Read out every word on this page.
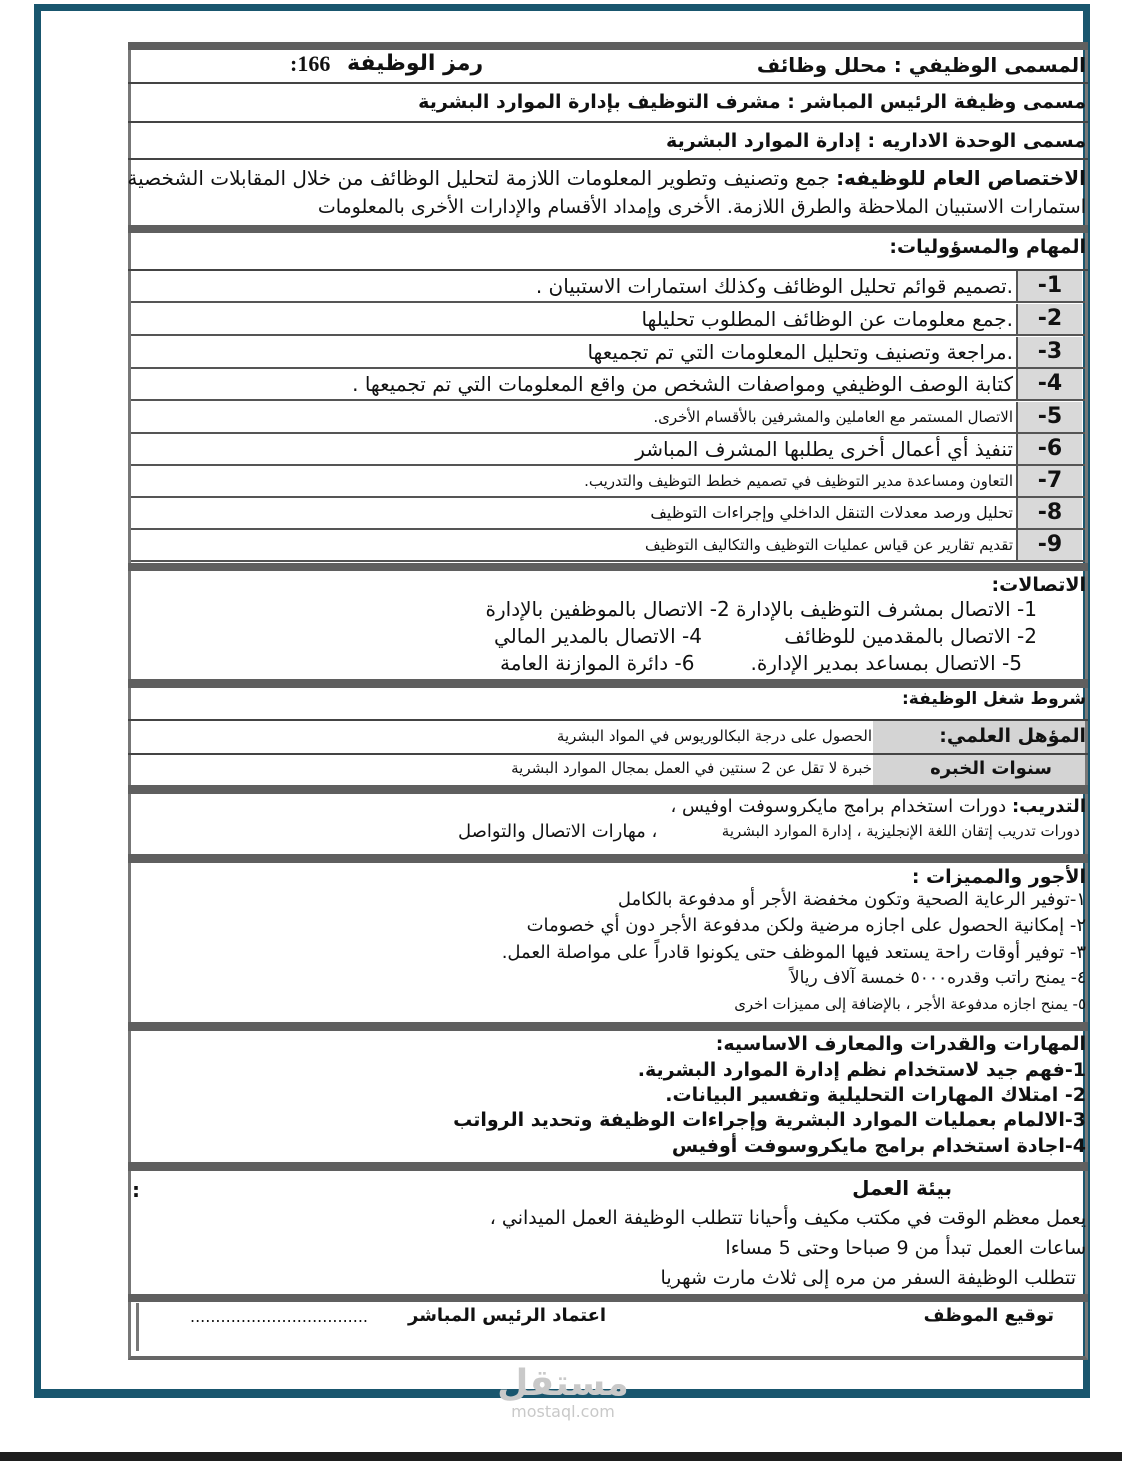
المسمى الوظيفي : محلل وظائف
رمز الوظيفة
:166
مسمى وظيفة الرئيس المباشر : مشرف التوظيف بإدارة الموارد البشرية
مسمى الوحدة الاداريه : إدارة الموارد البشرية
الاختصاص العام للوظيفه: جمع وتصنيف وتطوير المعلومات اللازمة لتحليل الوظائف من خلال المقابلات الشخصية
استمارات الاستبيان الملاحظة والطرق اللازمة. الأخرى وإمداد الأقسام والإدارات الأخرى بالمعلومات
المهام والمسؤوليات:
-1
.تصميم قوائم تحليل الوظائف وكذلك استمارات الاستبيان .
-2
.جمع معلومات عن الوظائف المطلوب تحليلها
-3
.مراجعة وتصنيف وتحليل المعلومات التي تم تجميعها
-4
كتابة الوصف الوظيفي ومواصفات الشخص من واقع المعلومات التي تم تجميعها .
-5
الاتصال المستمر مع العاملين والمشرفين بالأقسام الأخرى.
-6
تنفيذ أي أعمال أخرى يطلبها المشرف المباشر
-7
التعاون ومساعدة مدير التوظيف في تصميم خطط التوظيف والتدريب.
-8
تحليل ورصد معدلات التنقل الداخلي وإجراءات التوظيف
-9
تقديم تقارير عن قياس عمليات التوظيف والتكاليف التوظيف
الاتصالات:
1- الاتصال بمشرف التوظيف بالإدارة 2- الاتصال بالموظفين بالإدارة
2- الاتصال بالمقدمين للوظائف
4- الاتصال بالمدير المالي
5- الاتصال بمساعد بمدير الإدارة.
6- دائرة الموازنة العامة
شروط شغل الوظيفة:
المؤهل العلمي:
الحصول على درجة البكالوريوس في المواد البشرية
سنوات الخبره
خبرة لا تقل عن 2 سنتين في العمل بمجال الموارد البشرية
التدريب: دورات استخدام برامج مايكروسوفت اوفيس ،
دورات تدريب إتقان اللغة الإنجليزية ، إدارة الموارد البشرية
، مهارات الاتصال والتواصل
الأجور والمميزات :
١-توفير الرعاية الصحية وتكون مخفضة الأجر أو مدفوعة بالكامل
٢- إمكانية الحصول على اجازه مرضية ولكن مدفوعة الأجر دون أي خصومات
٣- توفير أوقات راحة يستعد فيها الموظف حتى يكونوا قادراً على مواصلة العمل.
٤- يمنح راتب وقدره٥٠٠٠ خمسة آلاف ريالاً
٥- يمنح اجازه مدفوعة الأجر ، بالإضافة إلى مميزات اخرى
المهارات والقدرات والمعارف الاساسيه:
1-فهم جيد لاستخدام نظم إدارة الموارد البشرية.
2- امتلاك المهارات التحليلية وتفسير البيانات.
3-الالمام بعمليات الموارد البشرية وإجراءات الوظيفة وتحديد الرواتب
4-اجادة استخدام برامج مايكروسوفت أوفيس
:	بيئة العمل
يعمل معظم الوقت في مكتب مكيف وأحيانا تتطلب الوظيفة العمل الميداني ،
ساعات العمل تبدأ من 9 صباحا وحتى 5 مساءا
تتطلب الوظيفة السفر من مره إلى ثلاث مارت شهريا
توقيع الموظف
اعتماد الرئيس المباشر
...................................
مستقل
mostaql.com
